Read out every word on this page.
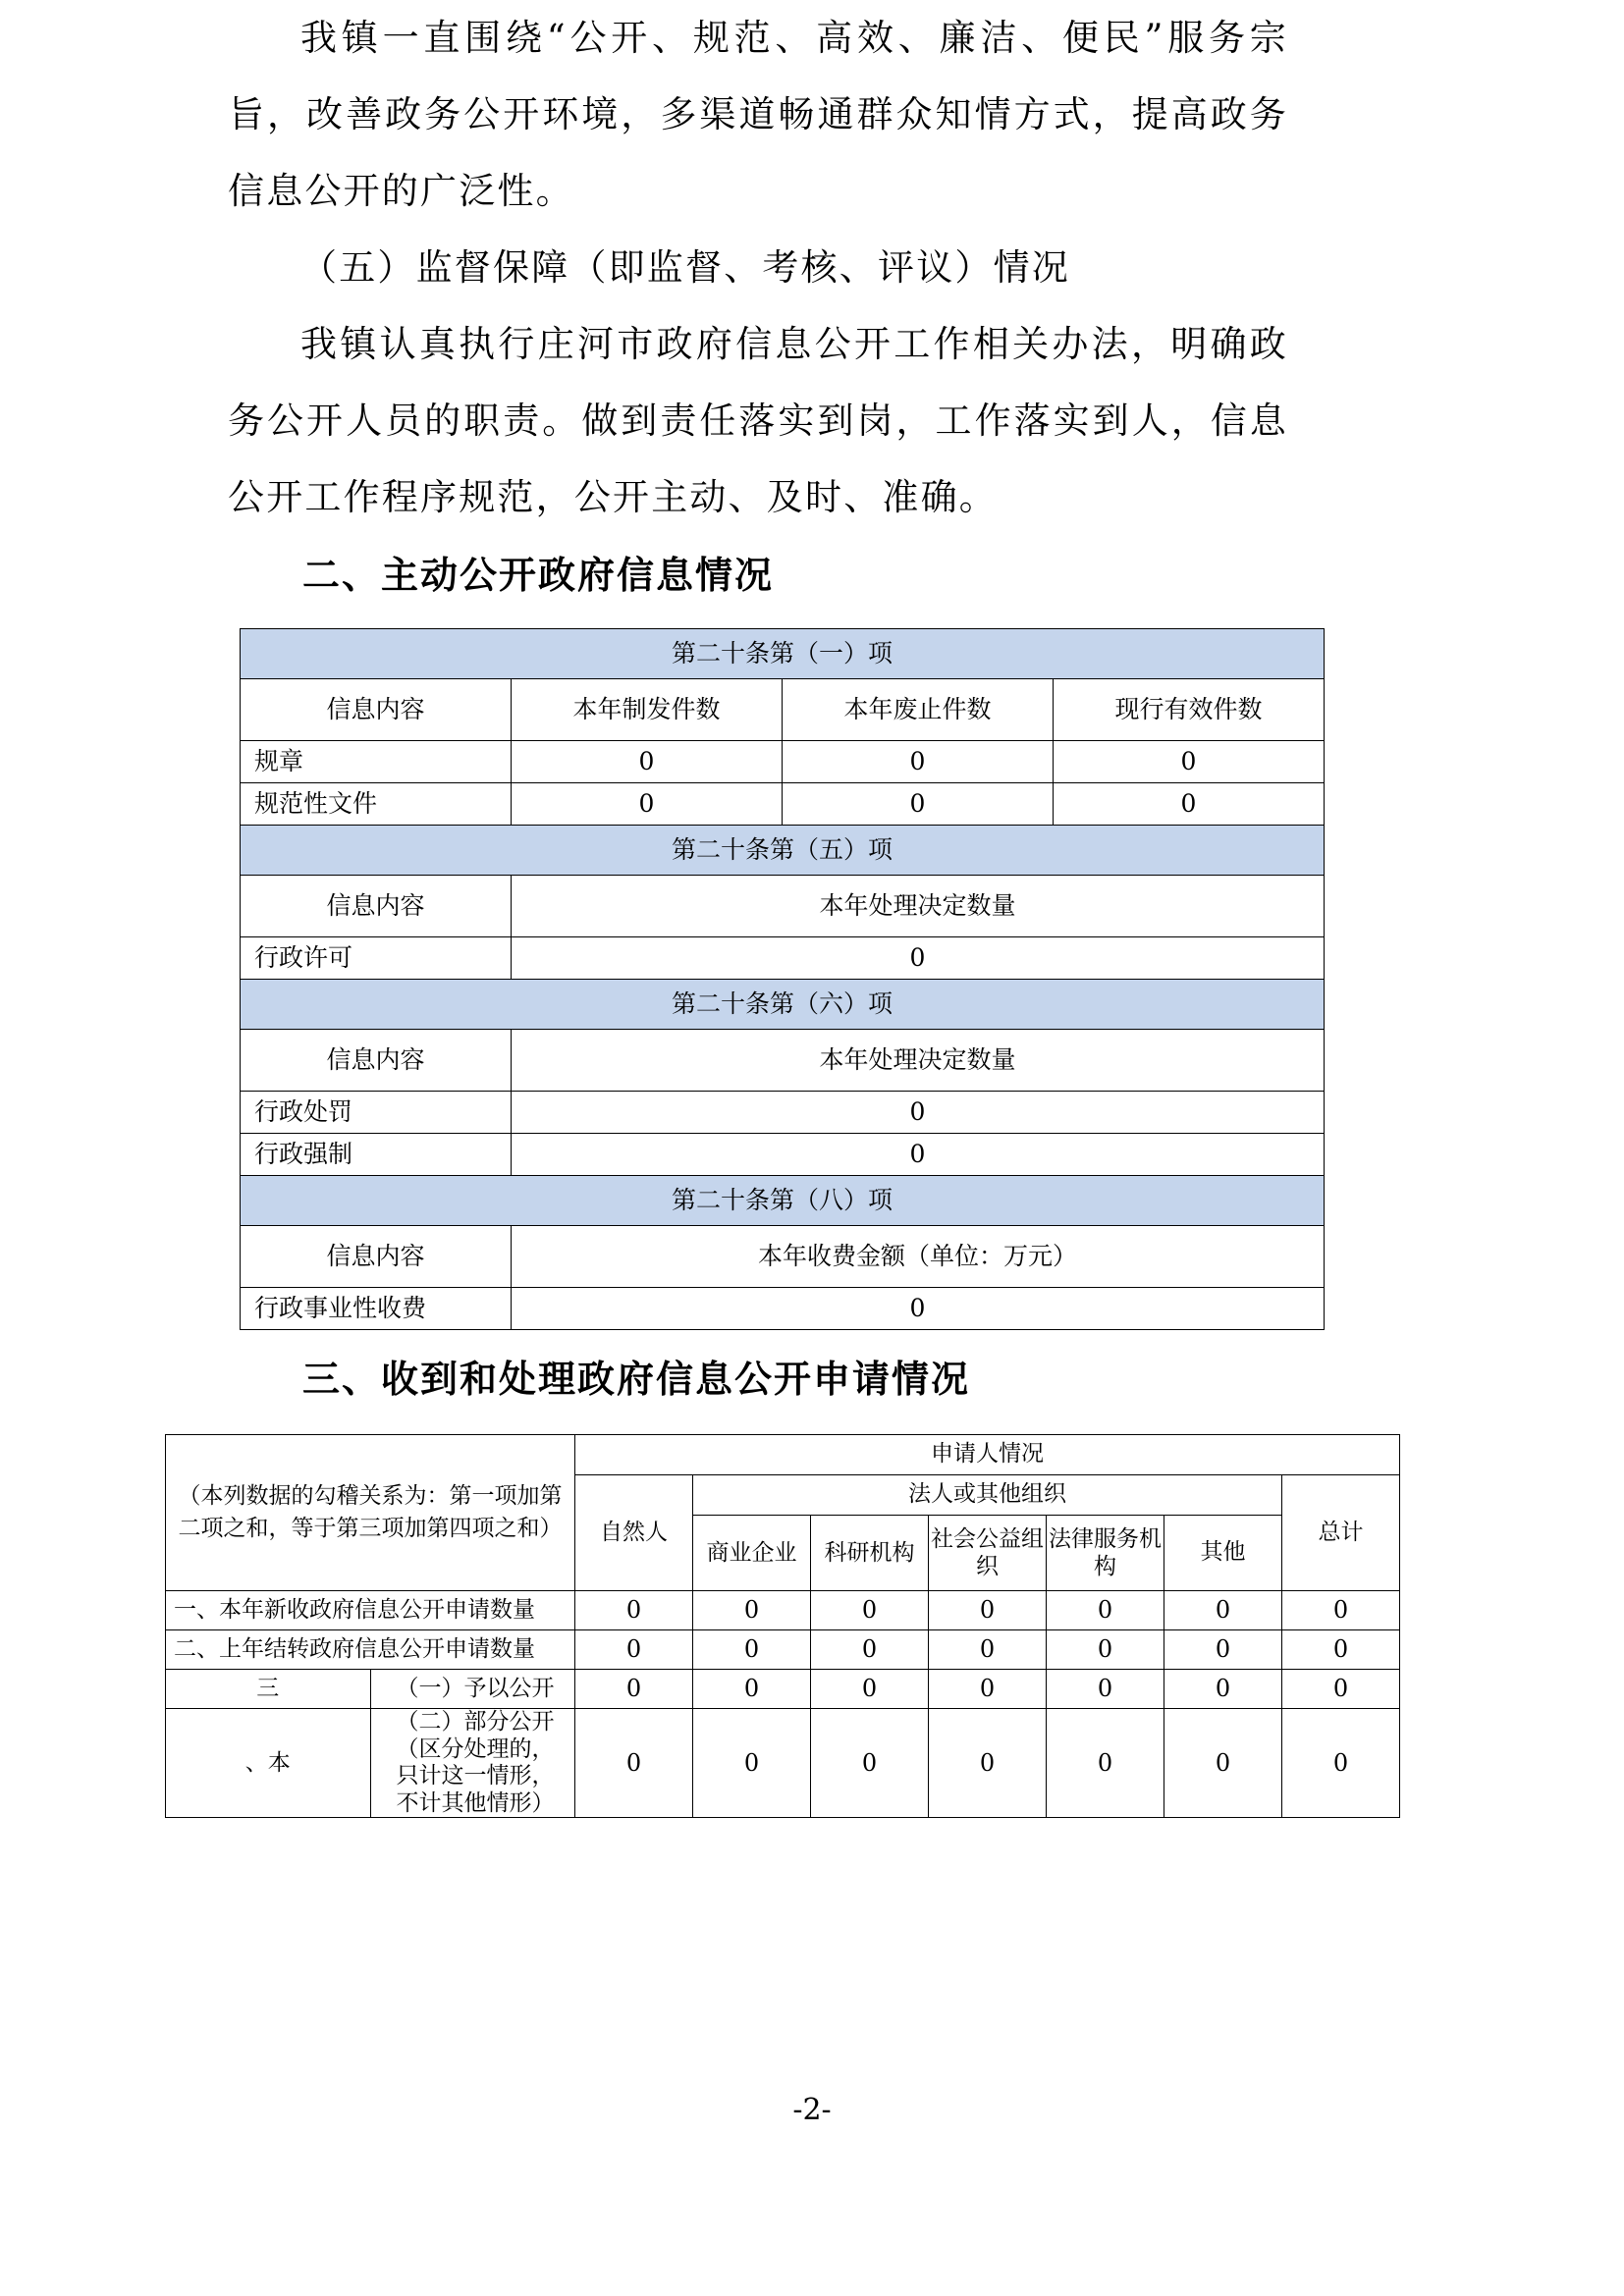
我镇一直围绕“公开、规范、高效、廉洁、便民”服务宗旨，改善政务公开环境，多渠道畅通群众知情方式，提高政务信息公开的广泛性。

（五）监督保障（即监督、考核、评议）情况

我镇认真执行庄河市政府信息公开工作相关办法，明确政务公开人员的职责。做到责任落实到岗，工作落实到人，信息公开工作程序规范，公开主动、及时、准确。

二、主动公开政府信息情况
第二十条第（一）项			
信息内容	本年制发件数	本年废止件数	现行有效件数
规章	0	0	0
规范性文件	0	0	0
第二十条第（五）项			
信息内容	本年处理决定数量		
行政许可	0		
第二十条第（六）项			
信息内容	本年处理决定数量		
行政处罚	0		
行政强制	0		
第二十条第（八）项			
信息内容	本年收费金额（单位：万元）		
行政事业性收费	0		
三、收到和处理政府信息公开申请情况
（本列数据的勾稽关系为：第一项加第二项之和，等于第三项加第四项之和）		申请人情况						
		自然人	法人或其他组织					总计
			商业企业	科研机构	社会公益组织	法律服务机构	其他	
一、本年新收政府信息公开申请数量		0	0	0	0	0	0	0
二、上年结转政府信息公开申请数量		0	0	0	0	0	0	0
三	（一）予以公开	0	0	0	0	0	0	0
、本	（二）部分公开（区分处理的，只计这一情形，不计其他情形）	0	0	0	0	0	0	0
-2-
